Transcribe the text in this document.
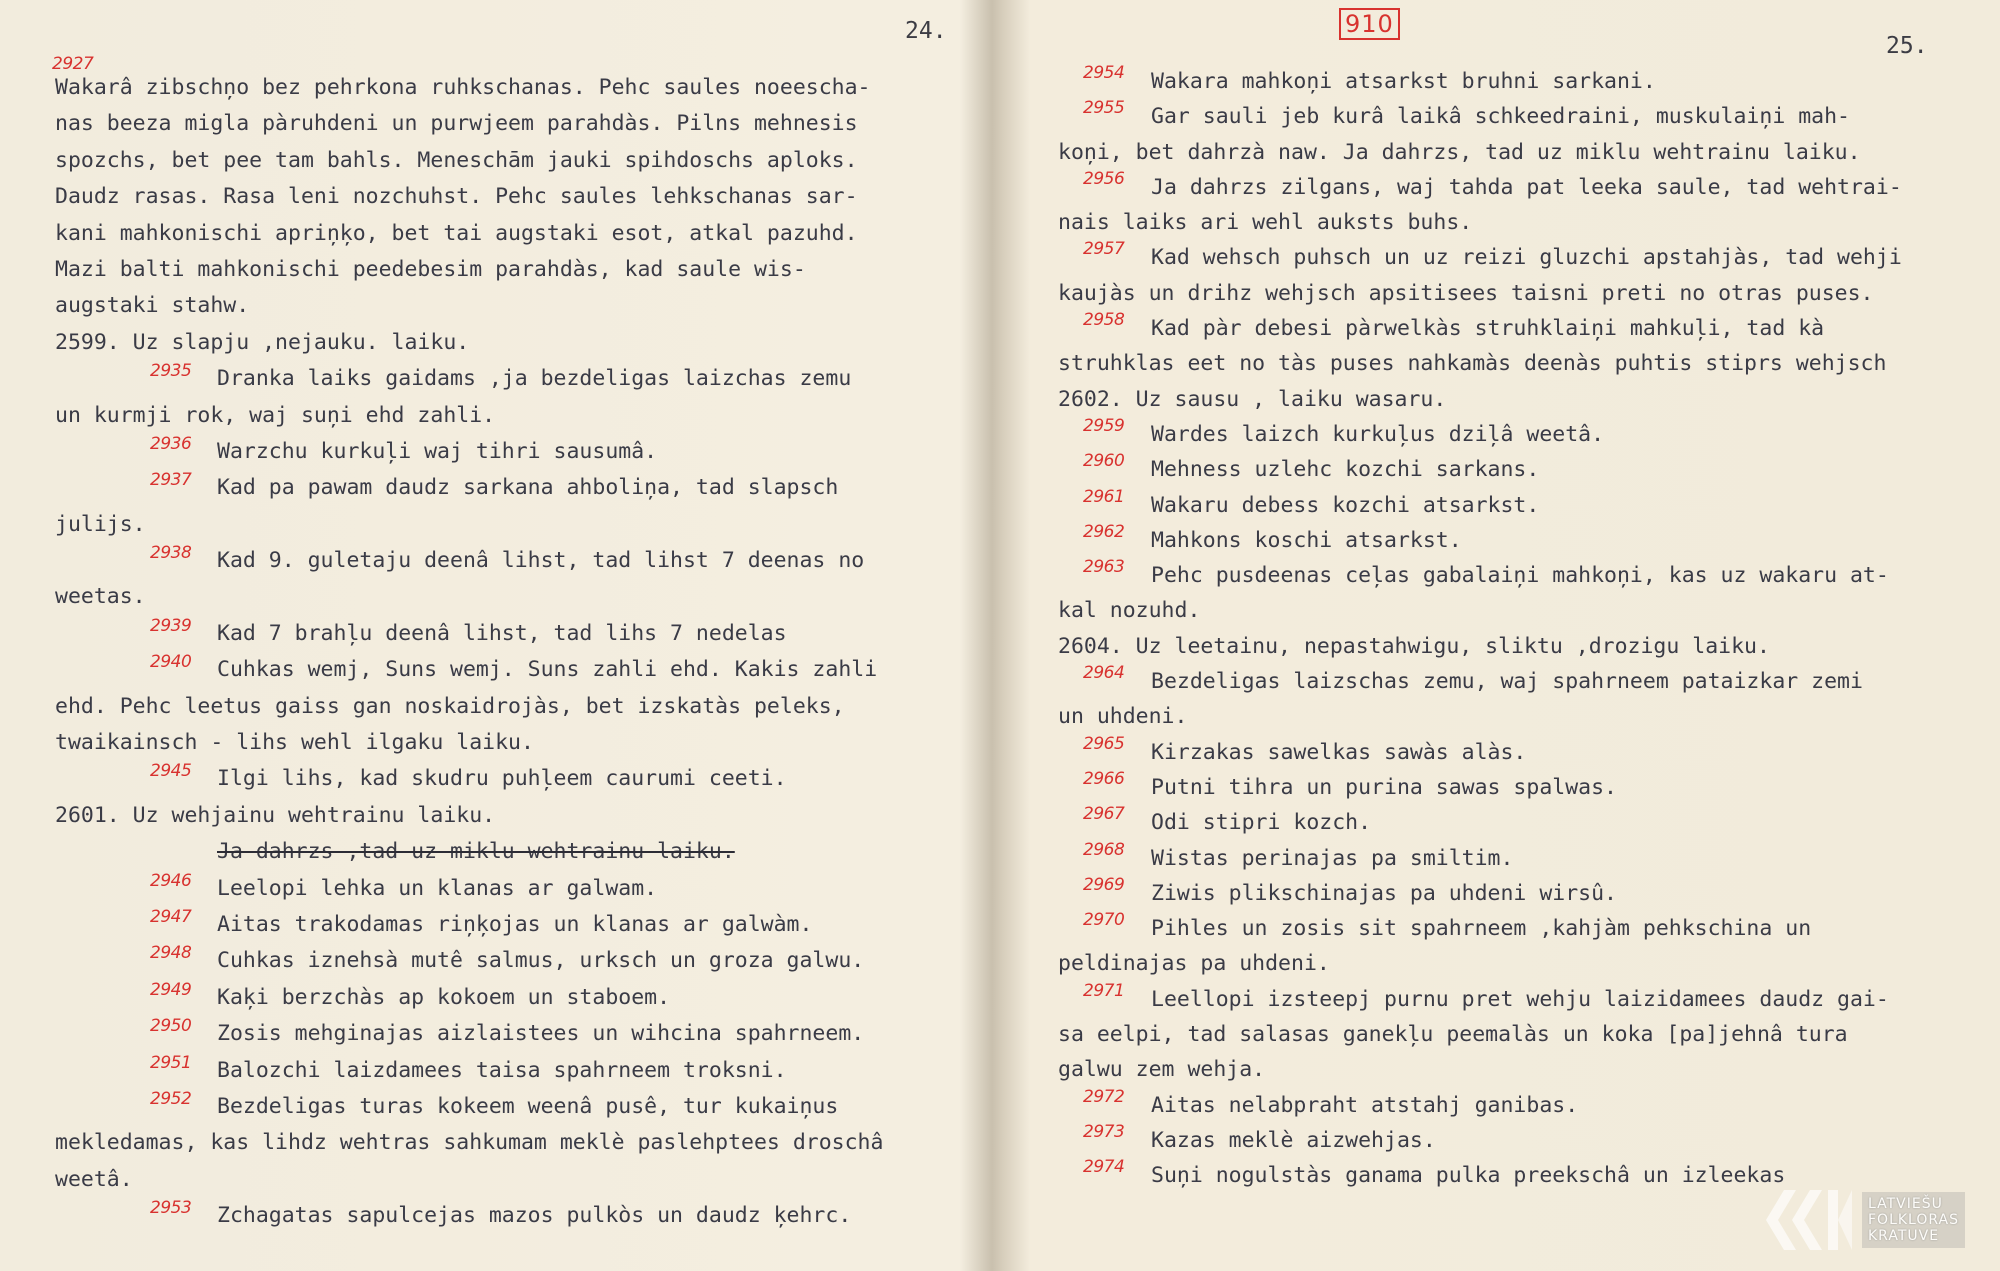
24.
2927
Wakarâ zibschņo bez pehrkona ruhkschanas. Pehc saules noeescha-
nas beeza migla pàruhdeni un purwjeem parahdàs. Pilns mehnesis
spozchs, bet pee tam bahls. Meneschām jauki spihdoschs aploks.
Daudz rasas. Rasa leni nozchuhst. Pehc saules lehkschanas sar-
kani mahkonischi apriņķo, bet tai augstaki esot, atkal pazuhd.
Mazi balti mahkonischi peedebesim parahdàs, kad saule wis-
augstaki stahw.
2599. Uz slapju ,nejauku. laiku.
2935 Dranka laiks gaidams ,ja bezdeligas laizchas zemu
un kurmji rok, waj suņi ehd zahli.
2936 Warzchu kurkuļi waj tihri sausumâ.
2937 Kad pa pawam daudz sarkana ahboliņa, tad slapsch
julijs.
2938 Kad 9. guletaju deenâ lihst, tad lihst 7 deenas no
weetas.
2939 Kad 7 brahļu deenâ lihst, tad lihs 7 nedelas
2940 Cuhkas wemj, Suns wemj. Suns zahli ehd. Kakis zahli
ehd. Pehc leetus gaiss gan noskaidrojàs, bet izskatàs peleks,
twaikainsch - lihs wehl ilgaku laiku.
2945 Ilgi lihs, kad skudru puhļeem caurumi ceeti.
2601. Uz wehjainu wehtrainu laiku.
Ja dahrzs ,tad uz miklu wehtrainu laiku.
2946 Leelopi lehka un klanas ar galwam.
2947 Aitas trakodamas riņķojas un klanas ar galwàm.
2948 Cuhkas iznehsà mutê salmus, urksch un groza galwu.
2949 Kaķi berzchàs ap kokoem un staboem.
2950 Zosis mehginajas aizlaistees un wihcina spahrneem.
2951 Balozchi laizdamees taisa spahrneem troksni.
2952 Bezdeligas turas kokeem weenâ pusê, tur kukaiņus
mekledamas, kas lihdz wehtras sahkumam meklè paslehptees droschâ
weetâ.
2953 Zchagatas sapulcejas mazos pulkòs un daudz ķehrc.
910
25.
2954 Wakara mahkoņi atsarkst bruhni sarkani.
2955 Gar sauli jeb kurâ laikâ schkeedraini, muskulaiņi mah-
koņi, bet dahrzà naw. Ja dahrzs, tad uz miklu wehtrainu laiku.
2956 Ja dahrzs zilgans, waj tahda pat leeka saule, tad wehtrai-
nais laiks ari wehl auksts buhs.
2957 Kad wehsch puhsch un uz reizi gluzchi apstahjàs, tad wehji
kaujàs un drihz wehjsch apsitisees taisni preti no otras puses.
2958 Kad pàr debesi pàrwelkàs struhklaiņi mahkuļi, tad kà
struhklas eet no tàs puses nahkamàs deenàs puhtis stiprs wehjsch
2602. Uz sausu , laiku wasaru.
2959 Wardes laizch kurkuļus dziļâ weetâ.
2960 Mehness uzlehc kozchi sarkans.
2961 Wakaru debess kozchi atsarkst.
2962 Mahkons koschi atsarkst.
2963 Pehc pusdeenas ceļas gabalaiņi mahkoņi, kas uz wakaru at-
kal nozuhd.
2604. Uz leetainu, nepastahwigu, sliktu ,drozigu laiku.
2964 Bezdeligas laizschas zemu, waj spahrneem pataizkar zemi
un uhdeni.
2965 Kirzakas sawelkas sawàs alàs.
2966 Putni tihra un purina sawas spalwas.
2967 Odi stipri kozch.
2968 Wistas perinajas pa smiltim.
2969 Ziwis plikschinajas pa uhdeni wirsû.
2970 Pihles un zosis sit spahrneem ,kahjàm pehkschina un
peldinajas pa uhdeni.
2971 Leellopi izsteepj purnu pret wehju laizidamees daudz gai-
sa eelpi, tad salasas ganekļu peemalàs un koka [pa]jehnâ tura
galwu zem wehja.
2972 Aitas nelabpraht atstahj ganibas.
2973 Kazas meklè aizwehjas.
2974 Suņi nogulstàs ganama pulka preekschâ un izleekas
LATVIEŠU
FOLKLORAS
KRATUVE
